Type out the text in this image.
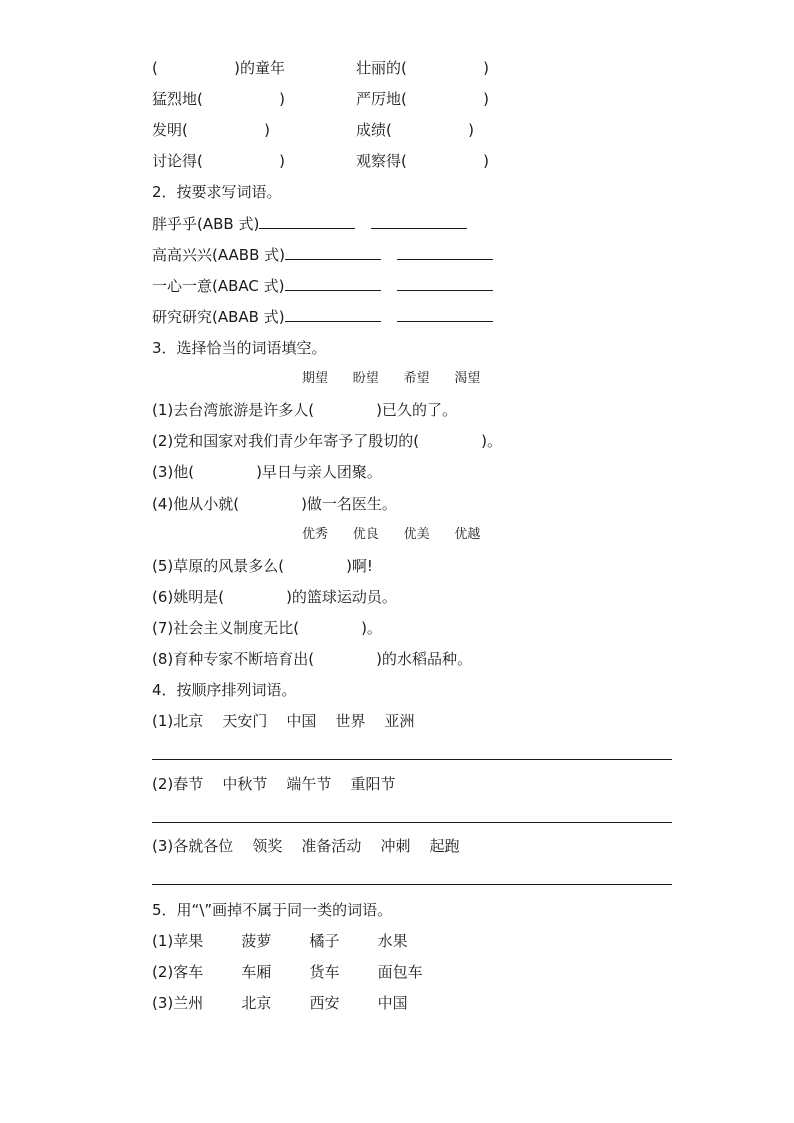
(                )的童年	壮丽的(                )
猛烈地(                )	严厉地(                )
发明(                )	成绩(                )
讨论得(                )	观察得(                )
2．按要求写词语。
胖乎乎(ABB 式)
高高兴兴(AABB 式)
一心一意(ABAC 式)
研究研究(ABAB 式)
3．选择恰当的词语填空。
期望      盼望      希望      渴望
(1)去台湾旅游是许多人(             )已久的了。
(2)党和国家对我们青少年寄予了殷切的(             )。
(3)他(             )早日与亲人团聚。
(4)他从小就(             )做一名医生。
优秀      优良      优美      优越
(5)草原的风景多么(             )啊!
(6)姚明是(             )的篮球运动员。
(7)社会主义制度无比(             )。
(8)育种专家不断培育出(             )的水稻品种。
4．按顺序排列词语。
(1)北京    天安门    中国    世界    亚洲
(2)春节    中秋节    端午节    重阳节
(3)各就各位    领奖    准备活动    冲刺    起跑
5．用“\”画掉不属于同一类的词语。
(1)苹果        菠萝        橘子        水果
(2)客车        车厢        货车        面包车
(3)兰州        北京        西安        中国
